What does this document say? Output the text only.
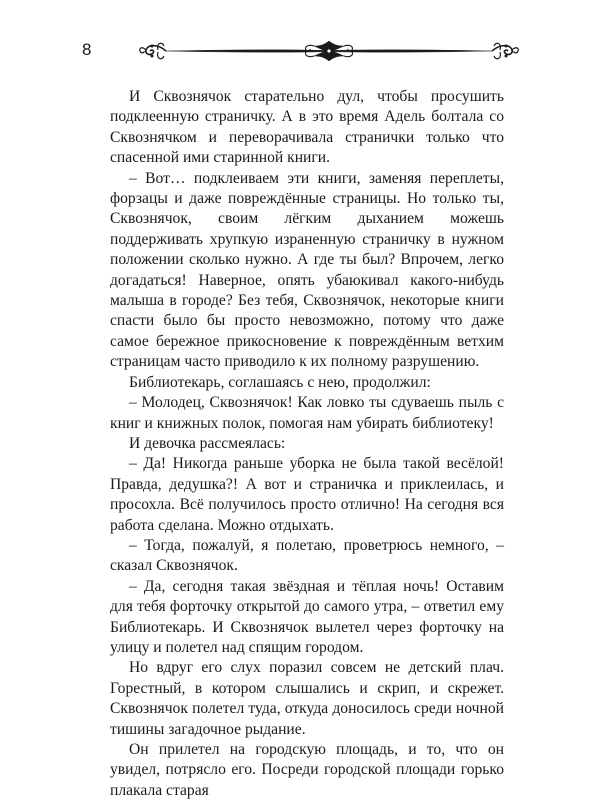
8

И Сквознячок старательно дул, чтобы просушить подклеенную страничку. А в это время Адель болтала со Сквознячком и переворачивала странички только что спасенной ими старинной книги.

– Вот… подклеиваем эти книги, заменяя переплеты, форзацы и даже повреждённые страницы. Но только ты, Сквознячок, своим лёгким дыханием можешь поддерживать хрупкую израненную страничку в нужном положении сколько нужно. А где ты был? Впрочем, легко догадаться! Наверное, опять убаюкивал какого-нибудь малыша в городе? Без тебя, Сквознячок, некоторые книги спасти было бы просто невозможно, потому что даже самое бережное прикосновение к повреждённым ветхим страницам часто приводило к их полному разрушению.

Библиотекарь, соглашаясь с нею, продолжил:

– Молодец, Сквознячок! Как ловко ты сдуваешь пыль с книг и книжных полок, помогая нам убирать библиотеку!

И девочка рассмеялась:

– Да! Никогда раньше уборка не была такой весёлой! Правда, дедушка?! А вот и страничка и приклеилась, и просохла. Всё получилось просто отлично! На сегодня вся работа сделана. Можно отдыхать.

– Тогда, пожалуй, я полетаю, проветрюсь немного, – сказал Сквознячок.

– Да, сегодня такая звёздная и тёплая ночь! Оставим для тебя форточку открытой до самого утра, – ответил ему Библиотекарь. И Сквознячок вылетел через форточку на улицу и полетел над спящим городом.

Но вдруг его слух поразил совсем не детский плач. Горестный, в котором слышались и скрип, и скрежет. Сквознячок полетел туда, откуда доносилось среди ночной тишины загадочное рыдание.

Он прилетел на городскую площадь, и то, что он увидел, потрясло его. Посреди городской площади горько плакала старая
